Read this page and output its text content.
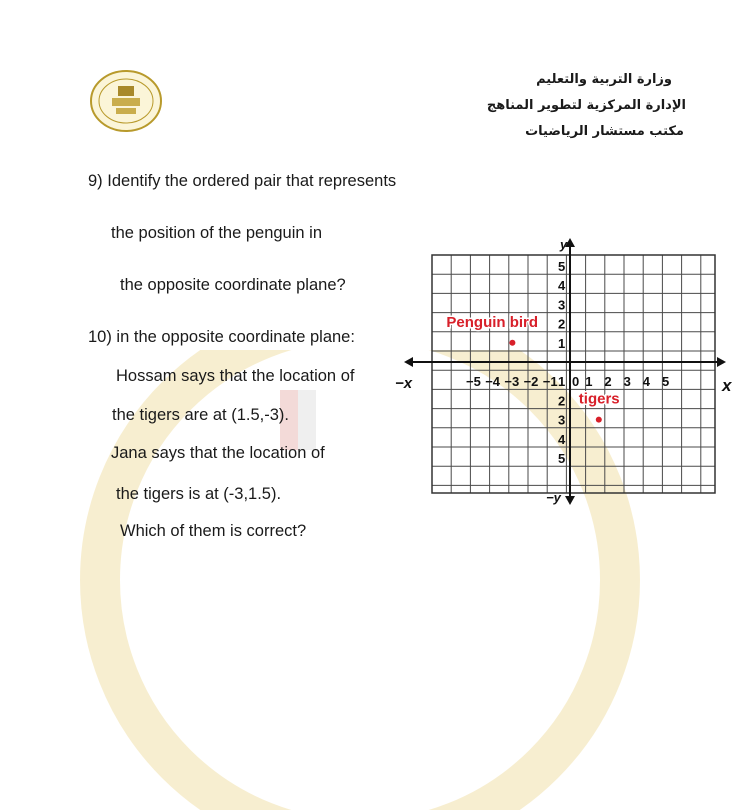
وزارة التربية والتعليم
الإدارة المركزية لتطوير المناهج
مكتب مستشار الرياضيات
9) Identify the ordered pair that represents
the position of the penguin in
the opposite coordinate plane?
10) in the opposite coordinate plane:
Hossam says that the location of
the tigers are at (1.5,-3).
Jana says that the location of
the tigers is at (-3,1.5).
Which of them is correct?
−x	x
y
−y
−5 −4 −3 −2 −1 0 1 2 3 4 5
5
4
3
2
1
1
2
3
4
5
Penguin bird
tigers
